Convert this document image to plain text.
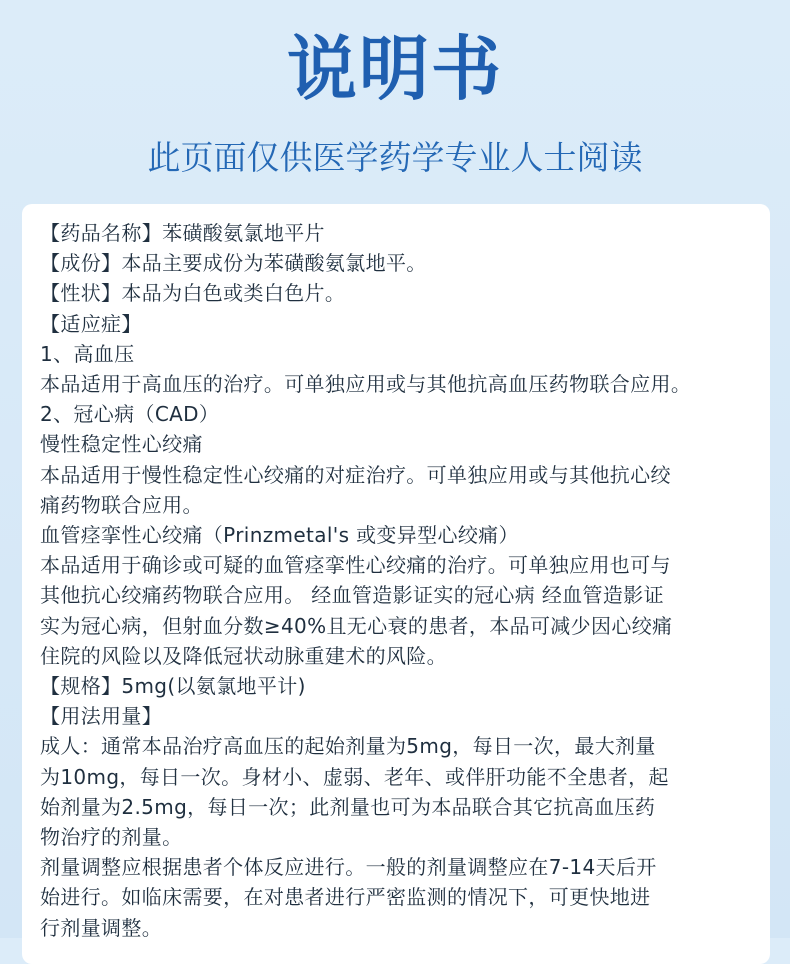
说明书
此页面仅供医学药学专业人士阅读
【药品名称】苯磺酸氨氯地平片
【成份】本品主要成份为苯磺酸氨氯地平。
【性状】本品为白色或类白色片。
【适应症】
1、高血压
本品适用于高血压的治疗。可单独应用或与其他抗高血压药物联合应用。
2、冠心病（CAD）
慢性稳定性心绞痛
本品适用于慢性稳定性心绞痛的对症治疗。可单独应用或与其他抗心绞
痛药物联合应用。
血管痉挛性心绞痛（Prinzmetal's 或变异型心绞痛）
本品适用于确诊或可疑的血管痉挛性心绞痛的治疗。可单独应用也可与
其他抗心绞痛药物联合应用。 经血管造影证实的冠心病 经血管造影证
实为冠心病，但射血分数≥40%且无心衰的患者，本品可减少因心绞痛
住院的风险以及降低冠状动脉重建术的风险。
【规格】5mg(以氨氯地平计)
【用法用量】
成人：通常本品治疗高血压的起始剂量为5mg，每日一次，最大剂量
为10mg，每日一次。身材小、虚弱、老年、或伴肝功能不全患者，起
始剂量为2.5mg，每日一次；此剂量也可为本品联合其它抗高血压药
物治疗的剂量。
剂量调整应根据患者个体反应进行。一般的剂量调整应在7-14天后开
始进行。如临床需要，在对患者进行严密监测的情况下，可更快地进
行剂量调整。
